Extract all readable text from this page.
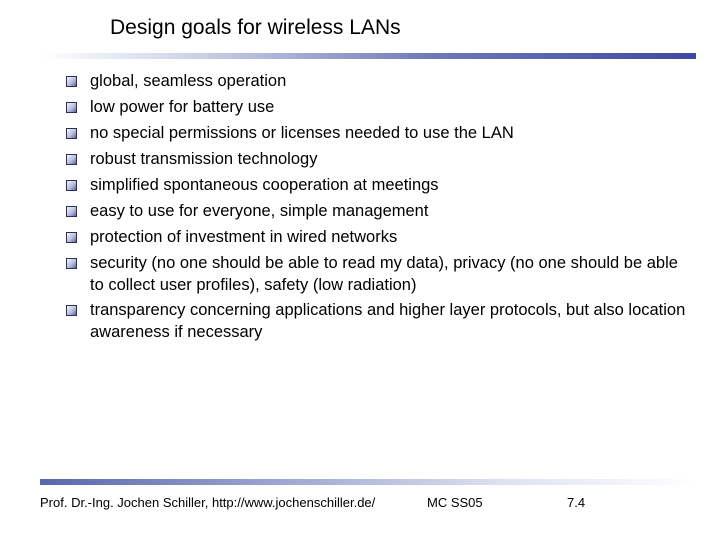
Design goals for wireless LANs
global, seamless operation
low power for battery use
no special permissions or licenses needed to use the LAN
robust transmission technology
simplified spontaneous cooperation at meetings
easy to use for everyone, simple management
protection of investment in wired networks
security (no one should be able to read my data), privacy (no one should be able to collect user profiles), safety (low radiation)
transparency concerning applications and higher layer protocols, but also location awareness if necessary
Prof. Dr.-Ing. Jochen Schiller, http://www.jochenschiller.de/	MC SS05	7.4
